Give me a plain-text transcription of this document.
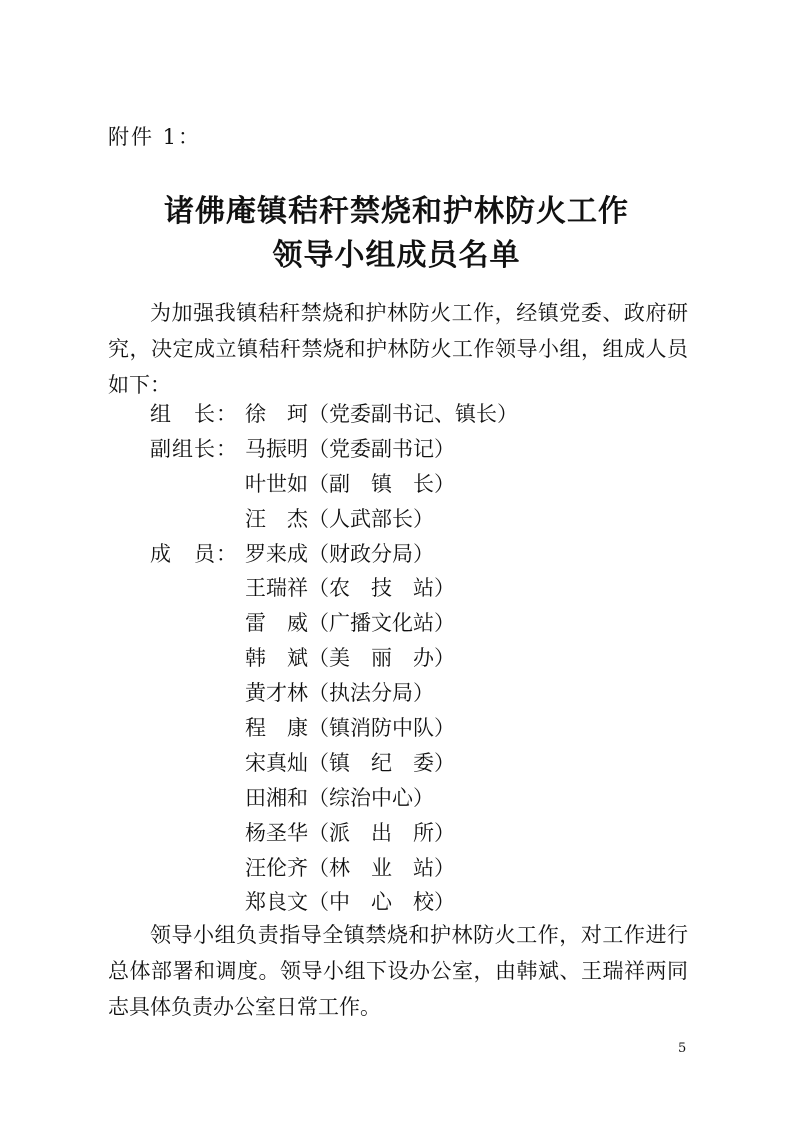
附件 1：
诸佛庵镇秸秆禁烧和护林防火工作
领导小组成员名单
为加强我镇秸秆禁烧和护林防火工作，经镇党委、政府研究，决定成立镇秸秆禁烧和护林防火工作领导小组，组成人员如下：
组　长： 徐　珂（党委副书记、镇长）
副组长： 马振明（党委副书记）
叶世如（副　镇　长）
汪　杰（人武部长）
成　员： 罗来成（财政分局）
王瑞祥（农　技　站）
雷　威（广播文化站）
韩　斌（美　丽　办）
黄才林（执法分局）
程　康（镇消防中队）
宋真灿（镇　纪　委）
田湘和（综治中心）
杨圣华（派　出　所）
汪伦齐（林　业　站）
郑良文（中　心　校）
领导小组负责指导全镇禁烧和护林防火工作，对工作进行总体部署和调度。领导小组下设办公室，由韩斌、王瑞祥两同志具体负责办公室日常工作。
5
